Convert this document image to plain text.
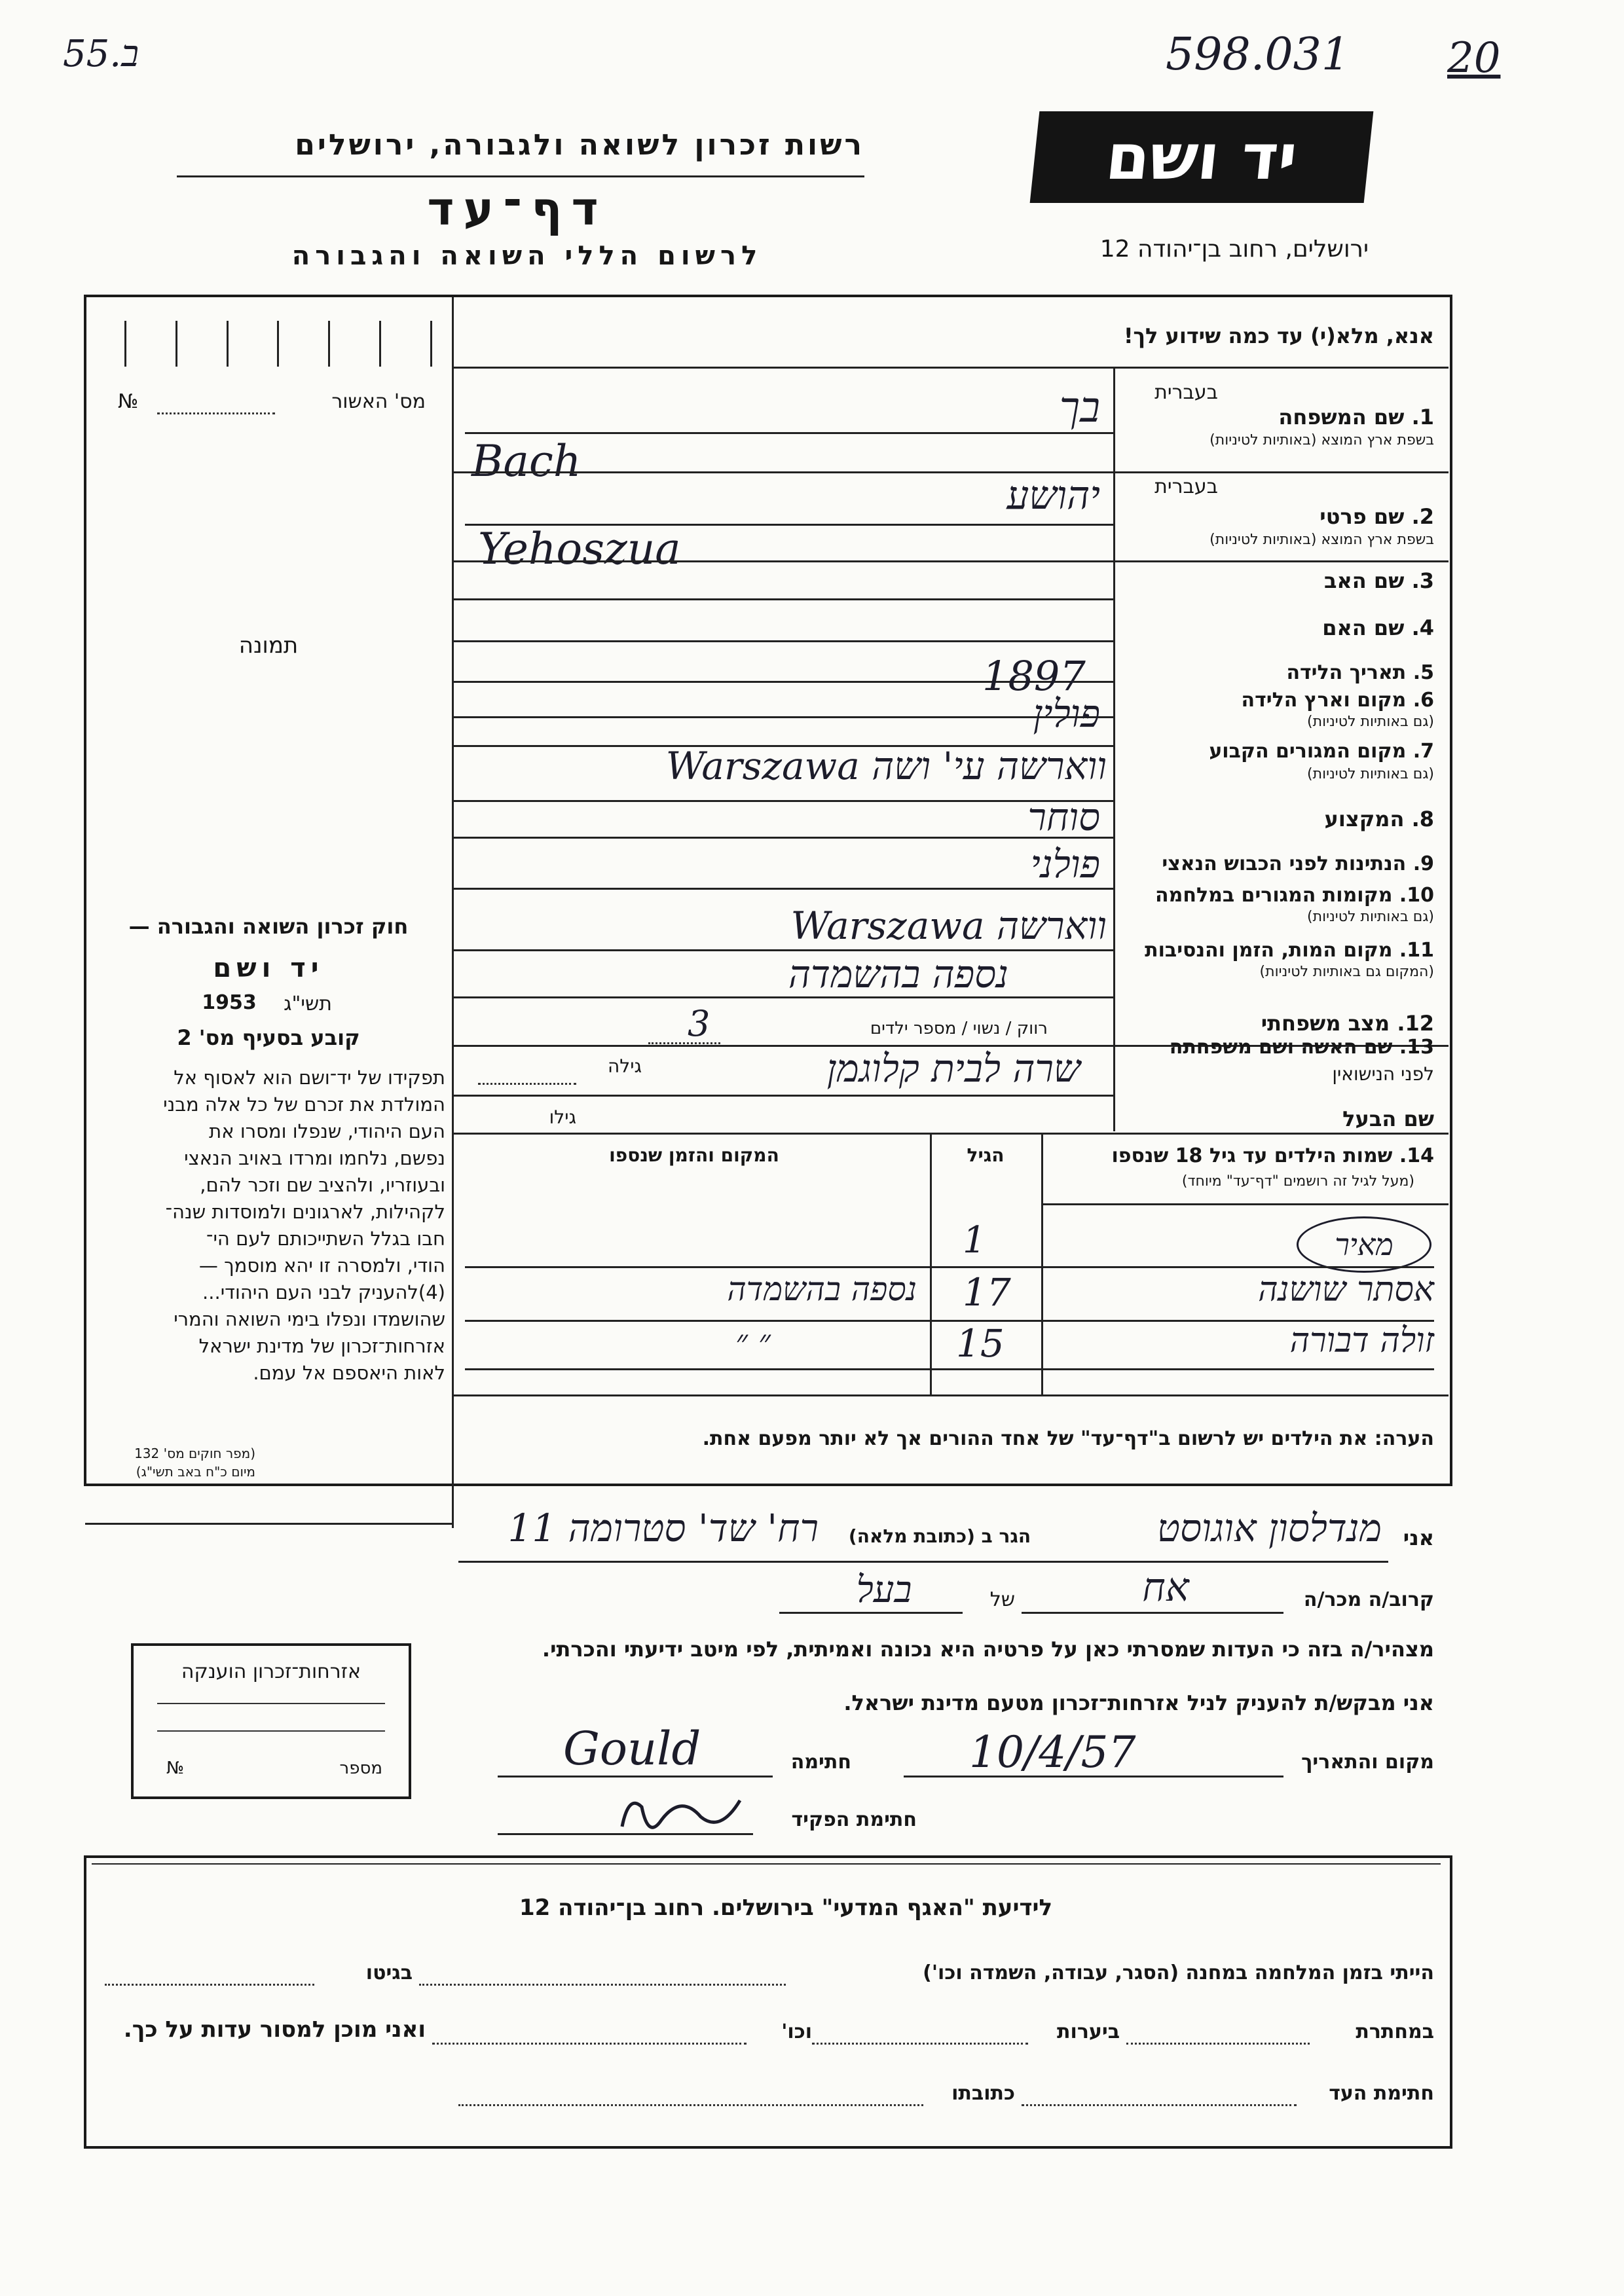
55.ב	598.031 20
יד ושם
רשות זכרון לשואה ולגבורה, ירושלים
דף־עד
לרשום הללי השואה והגבורה	ירושלים, רחוב בן־יהודה 12
מס' האשור
№
תמונה
חוק זכרון השואה והגבורה —
יד ושם
תשי"ג
1953
קובע בסעיף מס' 2
תפקידו של יד־ושם הוא לאסוף אל
המולדת את זכרם של כל אלה מבני
העם היהודי, שנפלו ומסרו את
נפשם, נלחמו ומרדו באויב הנאצי
ובעוזריו, ולהציב שם וזכר להם,
לקהילות, לארגונים ולמוסדות שנה־
חבו בגלל השתייכותם לעם הי־
הודי, ולמסרה זו יהא מוסמך —
(4)להעניק לבני העם היהודי...
שהושמדו ונפלו בימי השואה והמרי
אזרחות־זכרון של מדינת ישראל
לאות היאספם אל עמם.
(מפר חוקים מס' 132
מיום כ"ח באב תשי"ג)
אנא, מלא(י) עד כמה שידוע לך!
בעברית
1. שם המשפחה
בשפת ארץ המוצא (באותיות לטיניות)
בך
Bach
בעברית
2. שם פרטי
בשפת ארץ המוצא (באותיות לטיניות)
יהושע
Yehoszua
3. שם האב
4. שם האם
5. תאריך הלידה
1897
6. מקום וארץ הלידה
(גם באותיות לטיניות)
פולין
7. מקום המגורים הקבוע
(גם באותיות לטיניות)
ווארשה עי' ושה Warszawa
8. המקצוע
סוחר
9. הנתינות לפני הכבוש הנאצי
פולני
10. מקומות המגורים במלחמה
(גם באותיות לטיניות)
ווארשה Warszawa
11. מקום המות, הזמן והנסיבות
(המקום גם באותיות לטיניות)
נספה בהשמדה
12. מצב משפחתי
רווק / נשוי / מספר ילדים
3
13. שם האשה ושם משפחתה
לפני הנישואין
שרה לבית קלוגמן
גילה
שם הבעל
גילו
14. שמות הילדים עד גיל 18 שנספו
(מעל לגיל זה רושמים "דף־עד" מיוחד)
הגיל
המקום והזמן שנספו
מאיר
1
אסתר שושנה
17
נספה בהשמדה
זולה דבורה
15
״ ״
הערה: את הילדים יש לרשום ב"דף־עד" של אחד ההורים אך לא יותר מפעם אחת.
אני
מנדלסון אוגוסט
הגר ב (כתובת מלאה)
רח' שד' סטרומה 11
קרוב/ה מכר/ה
אח
של
בעל
מצהיר/ה בזה כי העדות שמסרתי כאן על פרטיה היא נכונה ואמיתית, לפי מיטב ידיעתי והכרתי.
אני מבקש/ת להעניק לניל אזרחות־זכרון מטעם מדינת ישראל.
מקום והתאריך
10/4/57
חתימה
Gould
חתימת הפקיד
אזרחות־זכרון הוענקה
מספר
№
לידיעת "האגף המדעי" בירושלים. רחוב בן־יהודה 12
הייתי בזמן המלחמה במחנה (הסגר, עבודה, השמדה וכו')
בגיטו
במחתרת
ביערות
וכו'
ואני מוכן למסור עדות על כך.
חתימת העד
כתובתו
